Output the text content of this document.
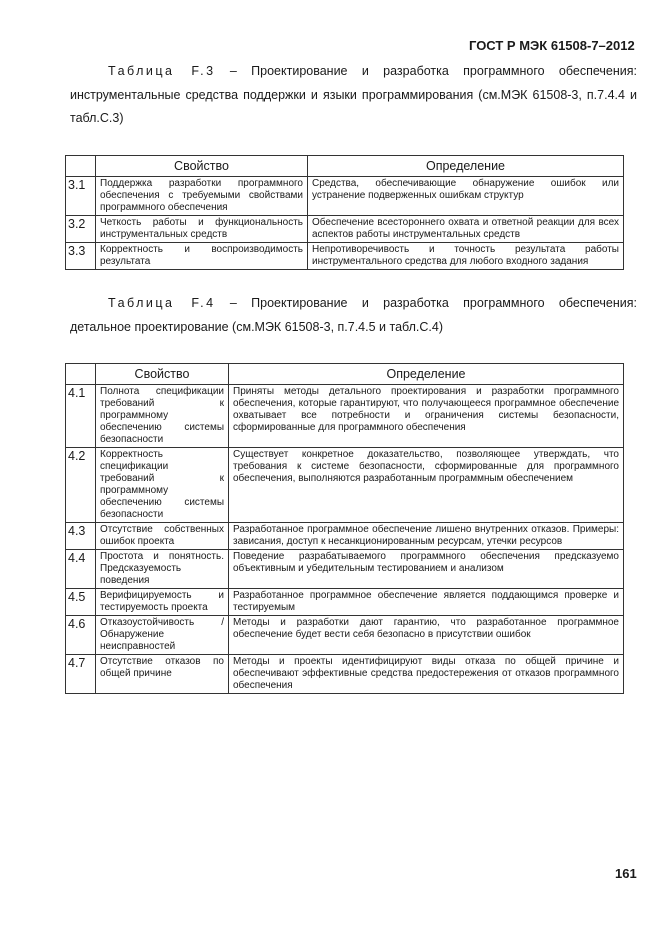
ГОСТ Р МЭК 61508-7–2012
Таблица F.3 – Проектирование и разработка программного обеспечения:
инструментальные средства поддержки и языки программирования (см.МЭК 61508-3, п.7.4.4 и табл.С.3)
	Свойство	Определение
3.1	Поддержка разработки программного обеспечения с требуемыми свойствами программного обеспечения	Средства, обеспечивающие обнаружение ошибок или устранение подверженных ошибкам структур
3.2	Четкость работы и функциональность инструментальных средств	Обеспечение всестороннего охвата и ответной реакции для всех аспектов работы инструментальных средств
3.3	Корректность и воспроизводимость результата	Непротиворечивость и точность результата работы инструментального средства для любого входного задания
Таблица F.4 – Проектирование и разработка программного обеспечения:
детальное проектирование (см.МЭК 61508-3, п.7.4.5 и табл.С.4)
	Свойство	Определение
4.1	Полнота спецификации требований к программному обеспечению системы безопасности	Приняты методы детального проектирования и разработки программного обеспечения, которые гарантируют, что получающееся программное обеспечение охватывает все потребности и ограничения системы безопасности, сформированные для программного обеспечения
4.2	Корректность спецификации требований к программному обеспечению системы безопасности	Существует конкретное доказательство, позволяющее утверждать, что требования к системе безопасности, сформированные для программного обеспечения, выполняются разработанным программным обеспечением
4.3	Отсутствие собственных ошибок проекта	Разработанное программное обеспечение лишено внутренних отказов. Примеры: зависания, доступ к несанкционированным ресурсам, утечки ресурсов
4.4	Простота и понятность. Предсказуемость поведения	Поведение разрабатываемого программного обеспечения предсказуемо объективным и убедительным тестированием и анализом
4.5	Верифицируемость и тестируемость проекта	Разработанное программное обеспечение является поддающимся проверке и тестируемым
4.6	Отказоустойчивость / Обнаружение неисправностей	Методы и разработки дают гарантию, что разработанное программное обеспечение будет вести себя безопасно в присутствии ошибок
4.7	Отсутствие отказов по общей причине	Методы и проекты идентифицируют виды отказа по общей причине и обеспечивают эффективные средства предостережения от отказов программного обеспечения
161
